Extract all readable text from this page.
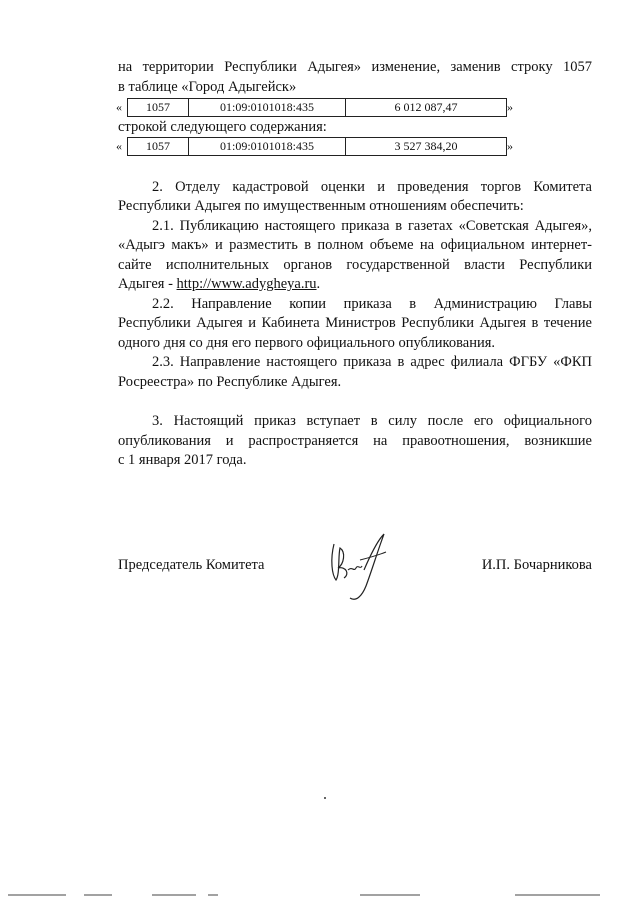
на территории Республики Адыгея» изменение, заменив строку 1057
в таблице «Город Адыгейск»
«	1057	01:09:0101018:435	6 012 087,47	»
строкой следующего содержания:
«	1057	01:09:0101018:435	3 527 384,20	»
2. Отделу кадастровой оценки и проведения торгов Комитета
Республики Адыгея по имущественным отношениям обеспечить:
2.1. Публикацию настоящего приказа в газетах «Советская Адыгея»,
«Адыгэ макъ» и разместить в полном объеме на официальном интернет-
сайте исполнительных органов государственной власти Республики
Адыгея - http://www.adygheya.ru.
2.2. Направление копии приказа в Администрацию Главы
Республики Адыгея и Кабинета Министров Республики Адыгея в течение
одного дня со дня его первого официального опубликования.
2.3. Направление настоящего приказа в адрес филиала ФГБУ «ФКП
Росреестра» по Республике Адыгея.
3. Настоящий приказ вступает в силу после его официального
опубликования и распространяется на правоотношения, возникшие
с 1 января 2017 года.
Председатель Комитета	И.П. Бочарникова
